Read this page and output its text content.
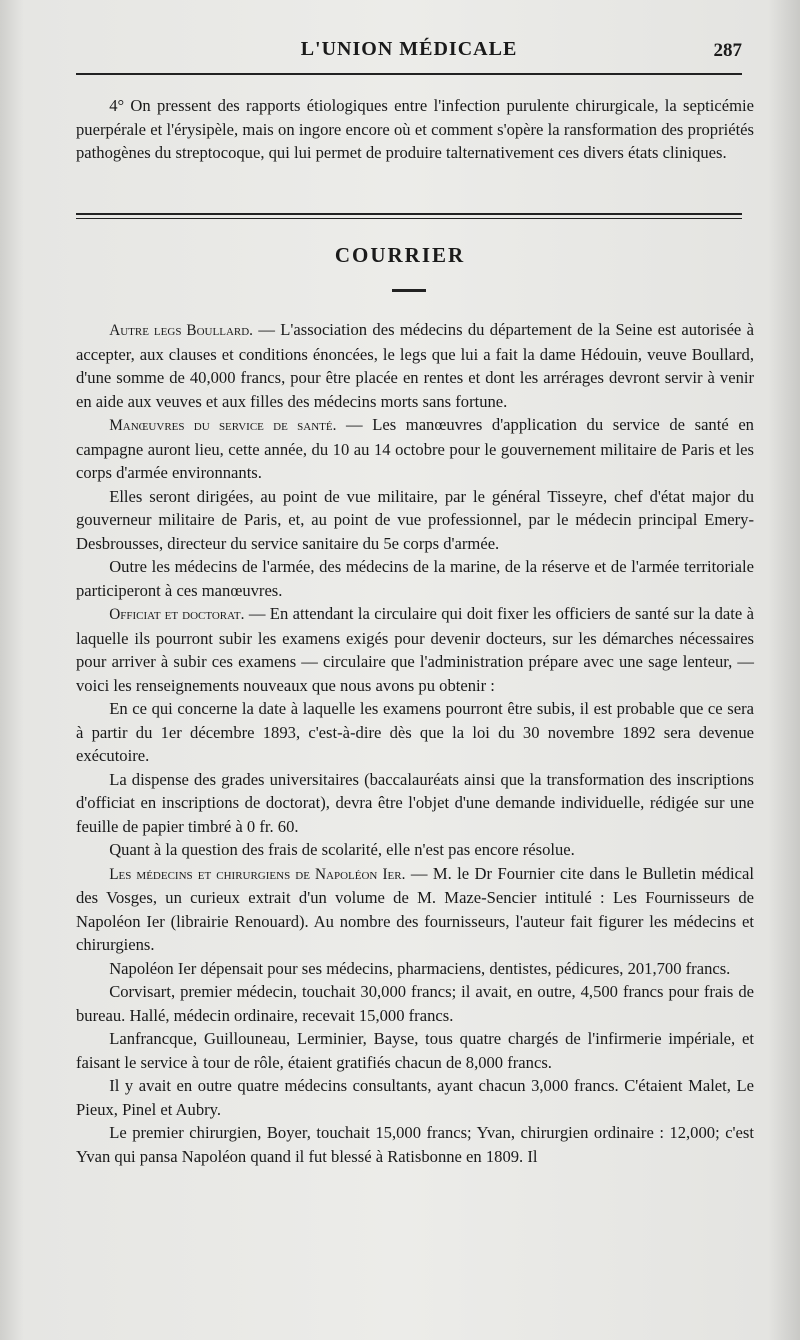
L'UNION MÉDICALE	287

4° On pressent des rapports étiologiques entre l'infection purulente chirurgicale, la septicémie puerpérale et l'érysipèle, mais on ingore encore où et comment s'opère la ransformation des propriétés pathogènes du streptocoque, qui lui permet de produire talternativement ces divers états cliniques.

COURRIER

Autre legs Boullard. — L'association des médecins du département de la Seine est autorisée à accepter, aux clauses et conditions énoncées, le legs que lui a fait la dame Hédouin, veuve Boullard, d'une somme de 40,000 francs, pour être placée en rentes et dont les arrérages devront servir à venir en aide aux veuves et aux filles des médecins morts sans fortune.

Manœuvres du service de santé. — Les manœuvres d'application du service de santé en campagne auront lieu, cette année, du 10 au 14 octobre pour le gouvernement militaire de Paris et les corps d'armée environnants.

Elles seront dirigées, au point de vue militaire, par le général Tisseyre, chef d'état major du gouverneur militaire de Paris, et, au point de vue professionnel, par le médecin principal Emery-Desbrousses, directeur du service sanitaire du 5e corps d'armée.

Outre les médecins de l'armée, des médecins de la marine, de la réserve et de l'armée territoriale participeront à ces manœuvres.

Officiat et doctorat. — En attendant la circulaire qui doit fixer les officiers de santé sur la date à laquelle ils pourront subir les examens exigés pour devenir docteurs, sur les démarches nécessaires pour arriver à subir ces examens — circulaire que l'administration prépare avec une sage lenteur, — voici les renseignements nouveaux que nous avons pu obtenir :

En ce qui concerne la date à laquelle les examens pourront être subis, il est probable que ce sera à partir du 1er décembre 1893, c'est-à-dire dès que la loi du 30 novembre 1892 sera devenue exécutoire.

La dispense des grades universitaires (baccalauréats ainsi que la transformation des inscriptions d'officiat en inscriptions de doctorat), devra être l'objet d'une demande individuelle, rédigée sur une feuille de papier timbré à 0 fr. 60.

Quant à la question des frais de scolarité, elle n'est pas encore résolue.

Les médecins et chirurgiens de Napoléon Ier. — M. le Dr Fournier cite dans le Bulletin médical des Vosges, un curieux extrait d'un volume de M. Maze-Sencier intitulé : Les Fournisseurs de Napoléon Ier (librairie Renouard). Au nombre des fournisseurs, l'auteur fait figurer les médecins et chirurgiens.

Napoléon Ier dépensait pour ses médecins, pharmaciens, dentistes, pédicures, 201,700 francs.

Corvisart, premier médecin, touchait 30,000 francs; il avait, en outre, 4,500 francs pour frais de bureau. Hallé, médecin ordinaire, recevait 15,000 francs.

Lanfrancque, Guillouneau, Lerminier, Bayse, tous quatre chargés de l'infirmerie impériale, et faisant le service à tour de rôle, étaient gratifiés chacun de 8,000 francs.

Il y avait en outre quatre médecins consultants, ayant chacun 3,000 francs. C'étaient Malet, Le Pieux, Pinel et Aubry.

Le premier chirurgien, Boyer, touchait 15,000 francs; Yvan, chirurgien ordinaire : 12,000; c'est Yvan qui pansa Napoléon quand il fut blessé à Ratisbonne en 1809. Il
